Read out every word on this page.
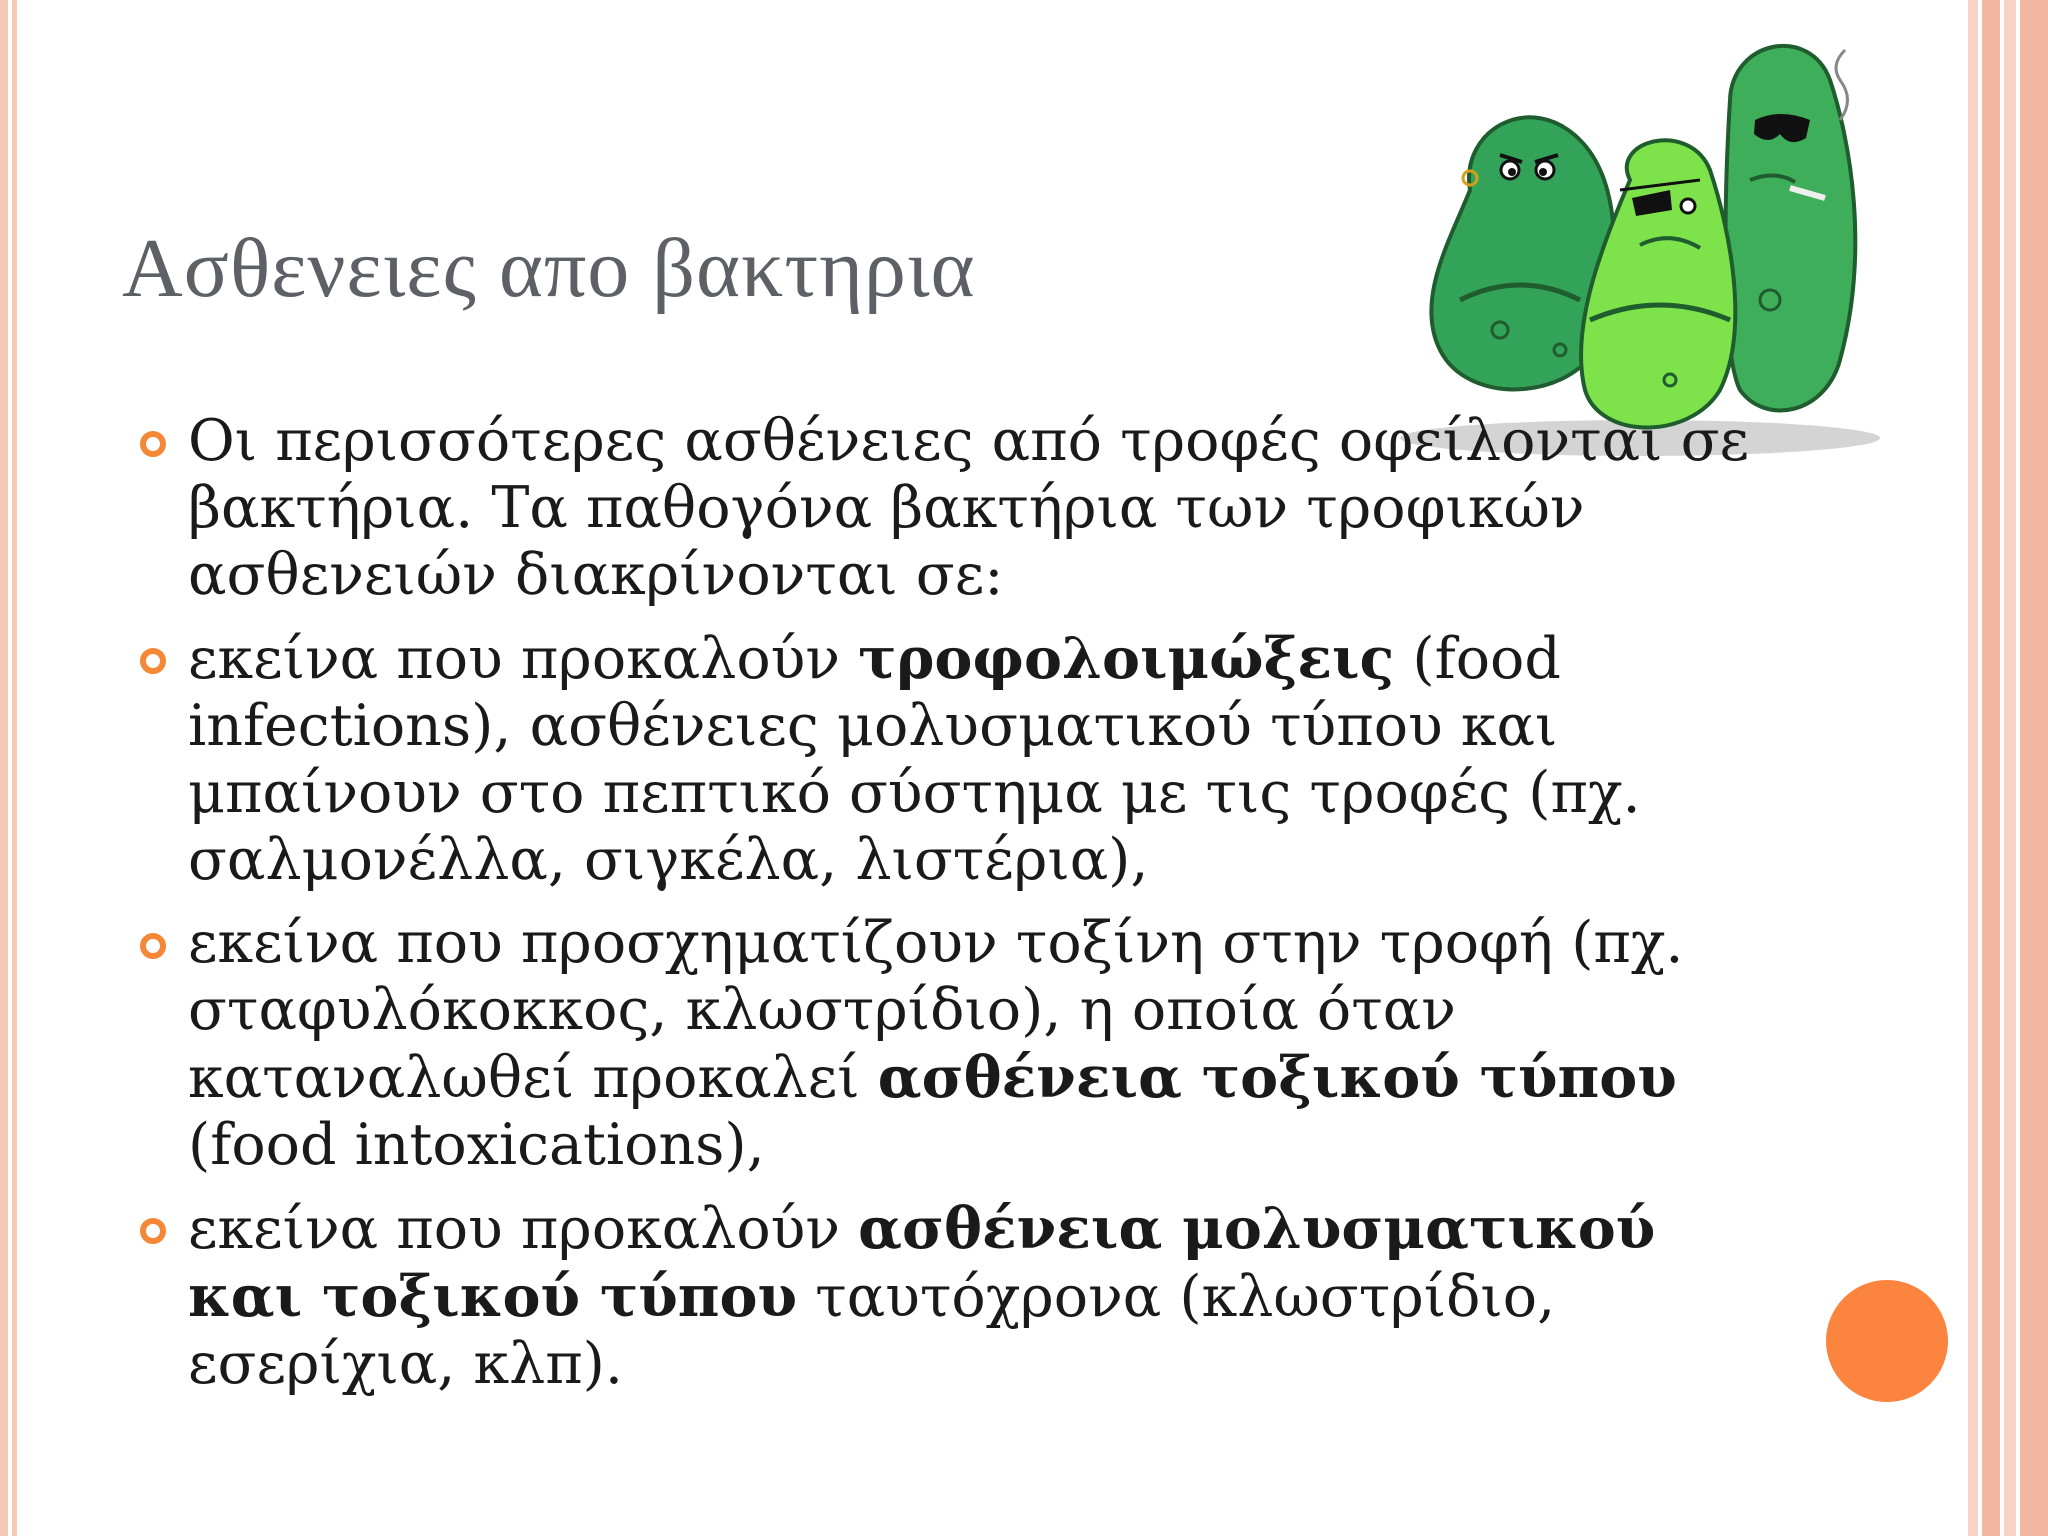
Ασθενειες απο βακτηρια
Οι περισσότερες ασθένειες από τροφές οφείλονται σε βακτήρια. Τα παθογόνα βακτήρια των τροφικών ασθενειών διακρίνονται σε:
εκείνα που προκαλούν τροφολοιμώξεις (food infections), ασθένειες μολυσματικού τύπου και μπαίνουν στο πεπτικό σύστημα με τις τροφές (πχ. σαλμονέλλα, σιγκέλα, λιστέρια),
εκείνα που προσχηματίζουν τοξίνη στην τροφή (πχ. σταφυλόκοκκος, κλωστρίδιο), η οποία όταν καταναλωθεί προκαλεί ασθένεια τοξικού τύπου (food intoxications),
εκείνα που προκαλούν ασθένεια μολυσματικού και τοξικού τύπου ταυτόχρονα (κλωστρίδιο, εσερίχια, κλπ).
